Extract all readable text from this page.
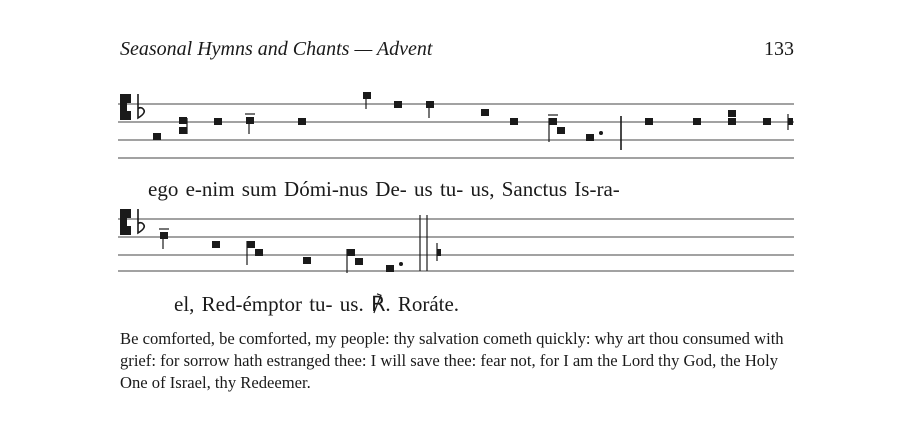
Seasonal Hymns and Chants — Advent	133
ego e-nim sum Dómi-nus De- us tu- us, Sanctus Is-ra-
el, Red-émptor tu- us. ℟. Roráte.
Be comforted, be comforted, my people: thy salvation cometh quickly: why art thou consumed with grief: for sorrow hath estranged thee: I will save thee: fear not, for I am the Lord thy God, the Holy One of Israel, thy Redeemer.
